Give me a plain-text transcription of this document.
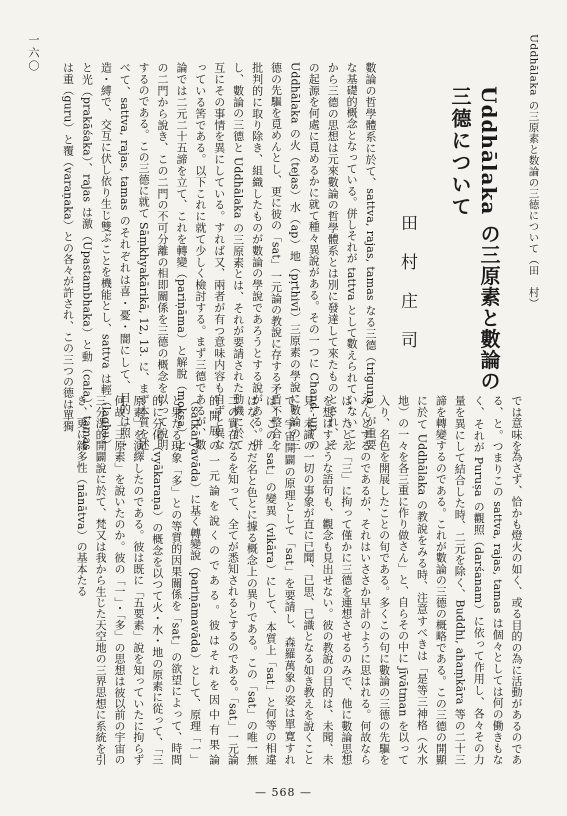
Uddhālaka の三原素と数論の三徳について（田　村）
一六〇
Uddhālaka の三原素と數論の
三德について
田村庄司
數論の哲學體系に於て、sattva, rajas, tamas なる三德（triguṇa）が重要な基礎的概念となっている。併しそれが tattva として數えられていないことから三德の思想は元來數論の哲學體系とは別に發達して來たものとされ、その起源を何處に覓めるかに就て種々異說がある。その一つに Chand.-up. の Uddhālaka の火（tejas）水（ap）地（pṛthivī）三原素の學說に數論の三德の先驅を覓めんとし、更に彼の「sat」一元論の教說に存する矛盾不整合を批判的に取り除き、組織したものが數論の學說であろうとする說がある。併し、數論の三德と Uddhālaka の三原素とは、それが要請された動機に於て互にその事情を異にしている。すれば又、兩者が有つ意味内容も自ずと異なっている筈である。以下これに就て少しく檢討する。まず三德であるが、數論では二元二十五諦を立て、これを轉變（pariṇāma）と解脫（mokṣa）との二門から說き、この二門の不可分離の相即關係を三德の概念を以って說明するのである。この三德に就て Sāṃkhyakārikā, 12, 13. に、まず本質を述べて、sattva, rajas, tamas のそれぞれは喜・憂・闇にして、目的は照・造・縛で、交互に伏し依り生じ雙ぶことを機能とし、sattva は輕（laghu）と光（prakāśaka）、rajas は激（Upastambhaka）と動（cala）、tamas は重（guru）と覆（varaṇaka）との各々が許され、この三つの德は單獨
では意味を為さず、恰かも燈火の如く、或る目的の為に活動があるのである、と。つまりこの sattva, rajas, tamas は個々としては何の働きもなく、それが Puruṣa の觀照（darśanam）に依って作用し、各々その力量を異にして結合した時、二元を除く、Buddhi, ahaṃkāra 等の二十三諦を轉變するのである。これが數論の三德の概略である。この三德の開顯に於て Uddhālaka の教說をみる時、注意すべきは「是等三神格（火水地）の一々を各三重に作り做さん」と、自らその中に jīvātman を以って入り、名色を開展したことの旬である。多くこの句に數論の三德の先驅をみんとするのであるが、それはいささか早計のように思はれる。何故ならば、たとえ「三」に拘って僅かに三德を連想させるのみで、他に數論思想を想はすような語句も、觀念も見出せない。彼の教說の目的は、未聞、未見、未識の一切の事象が直に已聞、已思、已識となる如き教えを說くことで、宇宙開闢の原理として「sat」を要請し、森羅萬象の姿は單寛すれば、この「sat」の變異（vikāra）にして、本質上「sat」と何等の相違はなく、ただ名と色とに據る概念上の異りである。この「sat」の唯一無二の實在なるを知って、全てが悉知されるとするのである。「sat」一元論的開展の一元論を說くのである。彼はそれを因中有果論（satkāryavāda）に基く轉變說（pariṇāmavāda）として、原理「一」と果たる現象「多」との等質的因果關係を「sat」の欲望によって、時間的に分化（vyākaraṇa）の概念を以つて火・水・地の原素に從って、「三原素」を演繹したのである。彼は既に「五要素」說を知っていたに拘らず何故「三原素」を說いたのか。彼の「一」・「多」の思想は彼以前の宇宙の三分法的開闢說に於て、梵又は我から生じた天空地の三界思想に系統を引き、更に雜多性（nānātva）の基本たる
— 568 —
